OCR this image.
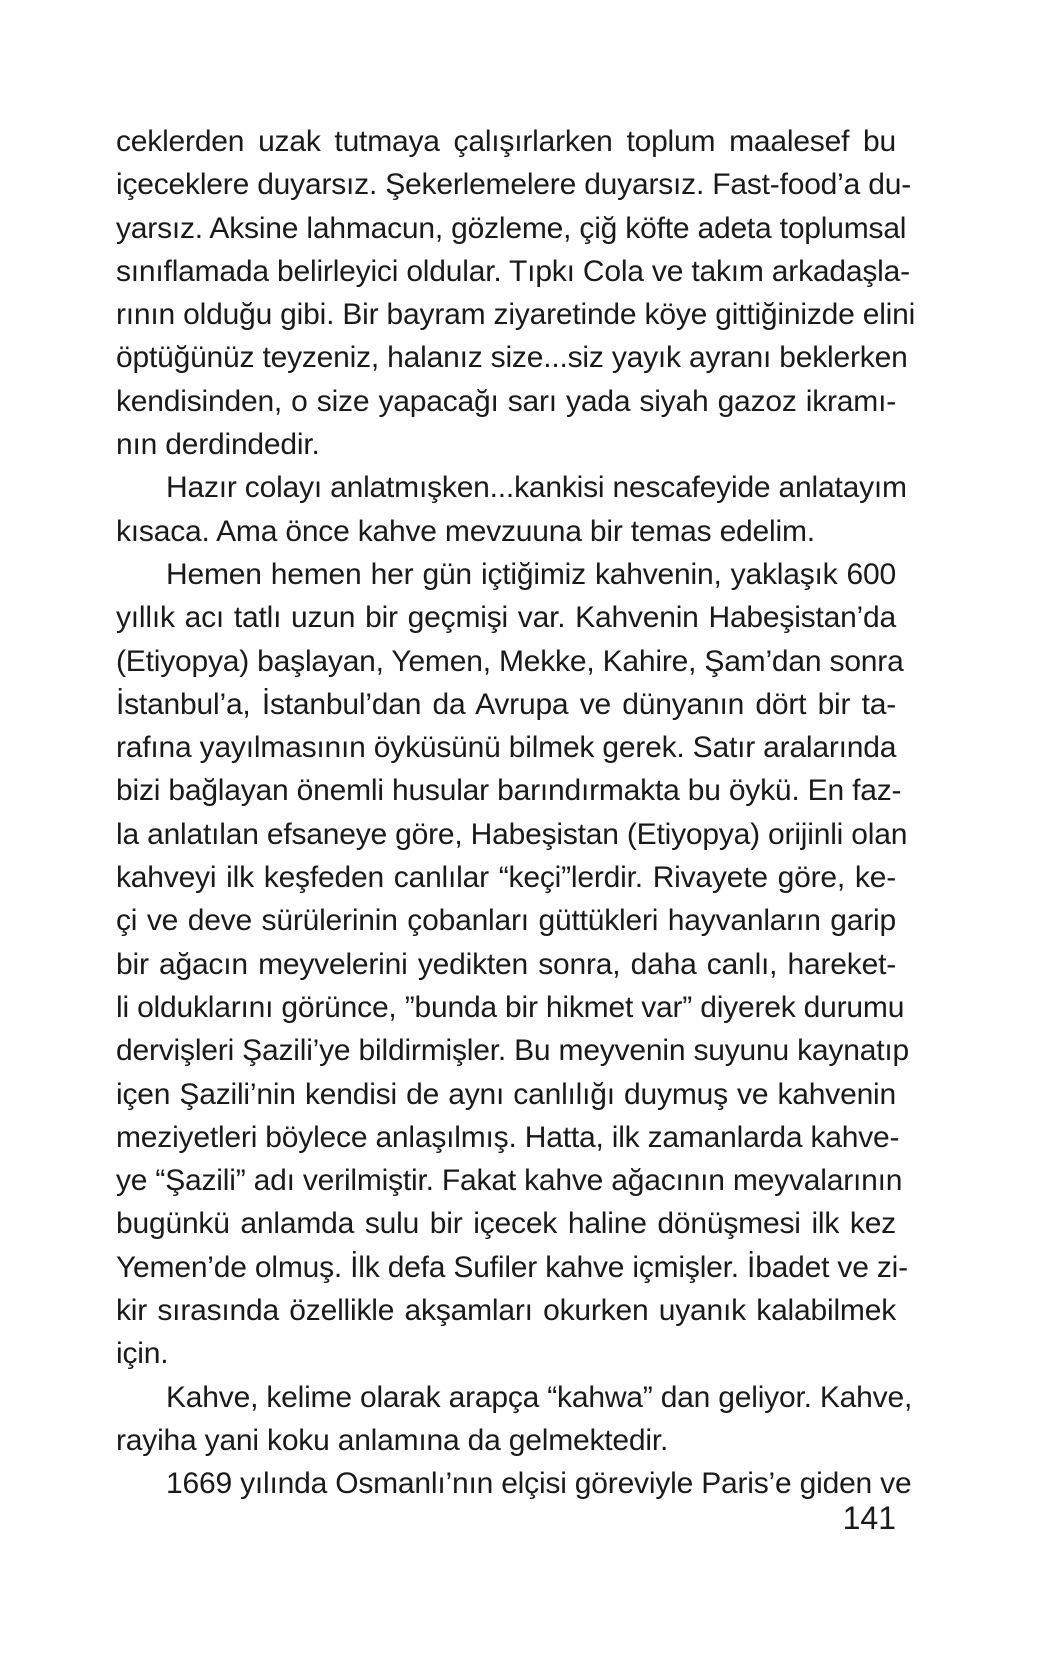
ceklerden uzak tutmaya çalışırlarken toplum maalesef bu
içeceklere duyarsız. Şekerlemelere duyarsız. Fast-food’a du-
yarsız. Aksine lahmacun, gözleme, çiğ köfte adeta toplumsal
sınıflamada belirleyici oldular. Tıpkı Cola ve takım arkadaşla-
rının olduğu gibi. Bir bayram ziyaretinde köye gittiğinizde elini
öptüğünüz teyzeniz, halanız size...siz yayık ayranı beklerken
kendisinden, o size yapacağı sarı yada siyah gazoz ikramı-
nın derdindedir.
Hazır colayı anlatmışken...kankisi nescafeyide anlatayım
kısaca. Ama önce kahve mevzuuna bir temas edelim.
Hemen hemen her gün içtiğimiz kahvenin, yaklaşık 600
yıllık acı tatlı uzun bir geçmişi var. Kahvenin Habeşistan’da
(Etiyopya) başlayan, Yemen, Mekke, Kahire, Şam’dan sonra
İstanbul’a, İstanbul’dan da Avrupa ve dünyanın dört bir ta-
rafına yayılmasının öyküsünü bilmek gerek. Satır aralarında
bizi bağlayan önemli husular barındırmakta bu öykü. En faz-
la anlatılan efsaneye göre, Habeşistan (Etiyopya) orijinli olan
kahveyi ilk keşfeden canlılar “keçi”lerdir. Rivayete göre, ke-
çi ve deve sürülerinin çobanları güttükleri hayvanların garip
bir ağacın meyvelerini yedikten sonra, daha canlı, hareket-
li olduklarını görünce, ”bunda bir hikmet var” diyerek durumu
dervişleri Şazili’ye bildirmişler. Bu meyvenin suyunu kaynatıp
içen Şazili’nin kendisi de aynı canlılığı duymuş ve kahvenin
meziyetleri böylece anlaşılmış. Hatta, ilk zamanlarda kahve-
ye “Şazili” adı verilmiştir. Fakat kahve ağacının meyvalarının
bugünkü anlamda sulu bir içecek haline dönüşmesi ilk kez
Yemen’de olmuş. İlk defa Sufiler kahve içmişler. İbadet ve zi-
kir sırasında özellikle akşamları okurken uyanık kalabilmek
için.
Kahve, kelime olarak arapça “kahwa” dan geliyor. Kahve,
rayiha yani koku anlamına da gelmektedir.
1669 yılında Osmanlı’nın elçisi göreviyle Paris’e giden ve
141
